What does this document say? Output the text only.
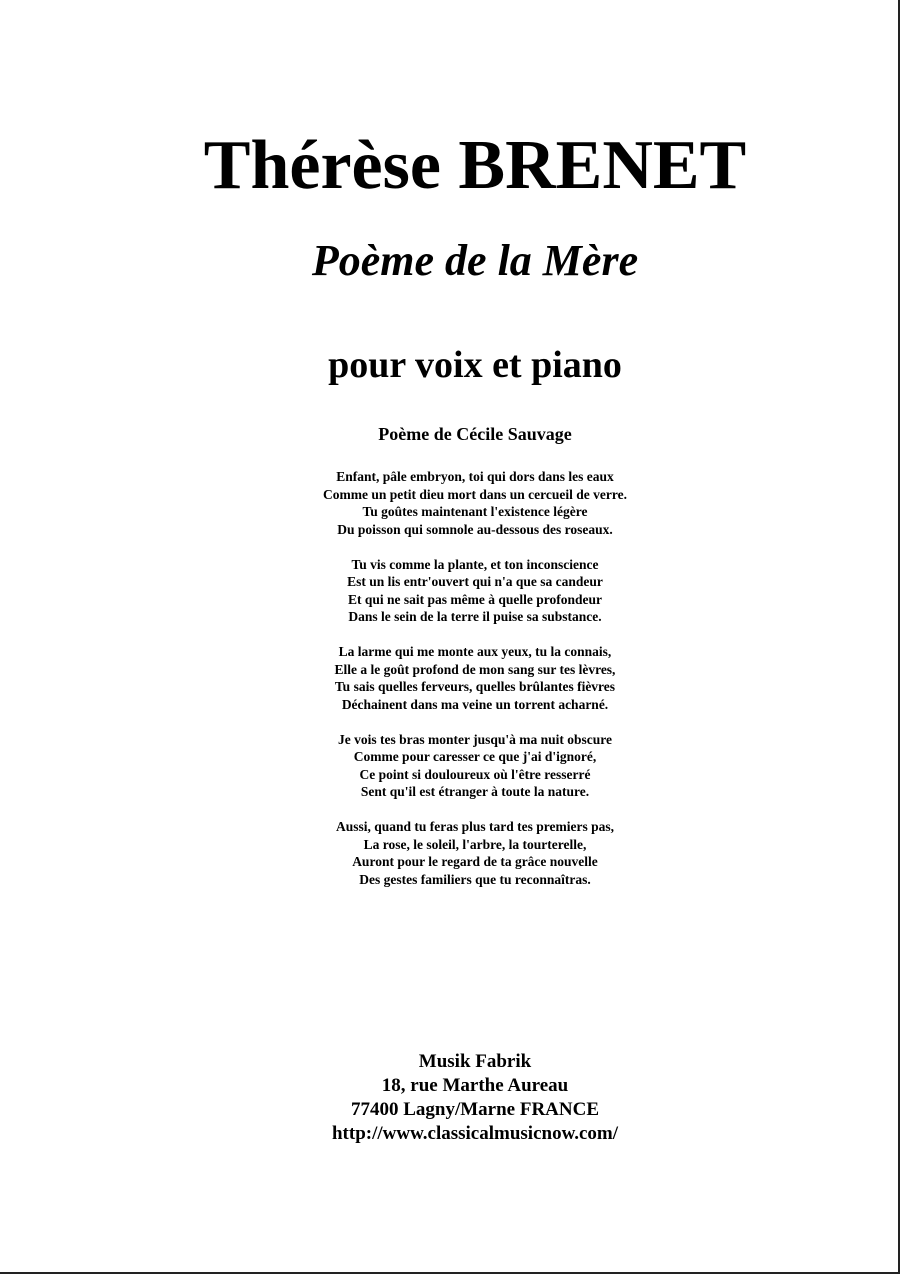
Thérèse BRENET
Poème de la Mère
pour voix et piano
Poème de Cécile Sauvage
Enfant, pâle embryon, toi qui dors dans les eaux
Comme un petit dieu mort dans un cercueil de verre.
Tu goûtes maintenant l'existence légère
Du poisson qui somnole au-dessous des roseaux.
Tu vis comme la plante, et ton inconscience
Est un lis entr'ouvert qui n'a que sa candeur
Et qui ne sait pas même à quelle profondeur
Dans le sein de la terre il puise sa substance.
La larme qui me monte aux yeux, tu la connais,
Elle a le goût profond de mon sang sur tes lèvres,
Tu sais quelles ferveurs, quelles brûlantes fièvres
Déchainent dans ma veine un torrent acharné.
Je vois tes bras monter jusqu'à ma nuit obscure
Comme pour caresser ce que j'ai d'ignoré,
Ce point si douloureux où l'être resserré
Sent qu'il est étranger à toute la nature.
Aussi, quand tu feras plus tard tes premiers pas,
La rose, le soleil, l'arbre, la tourterelle,
Auront pour le regard de ta grâce nouvelle
Des gestes familiers que tu reconnaîtras.
Musik Fabrik
18, rue Marthe Aureau
77400 Lagny/Marne FRANCE
http://www.classicalmusicnow.com/
